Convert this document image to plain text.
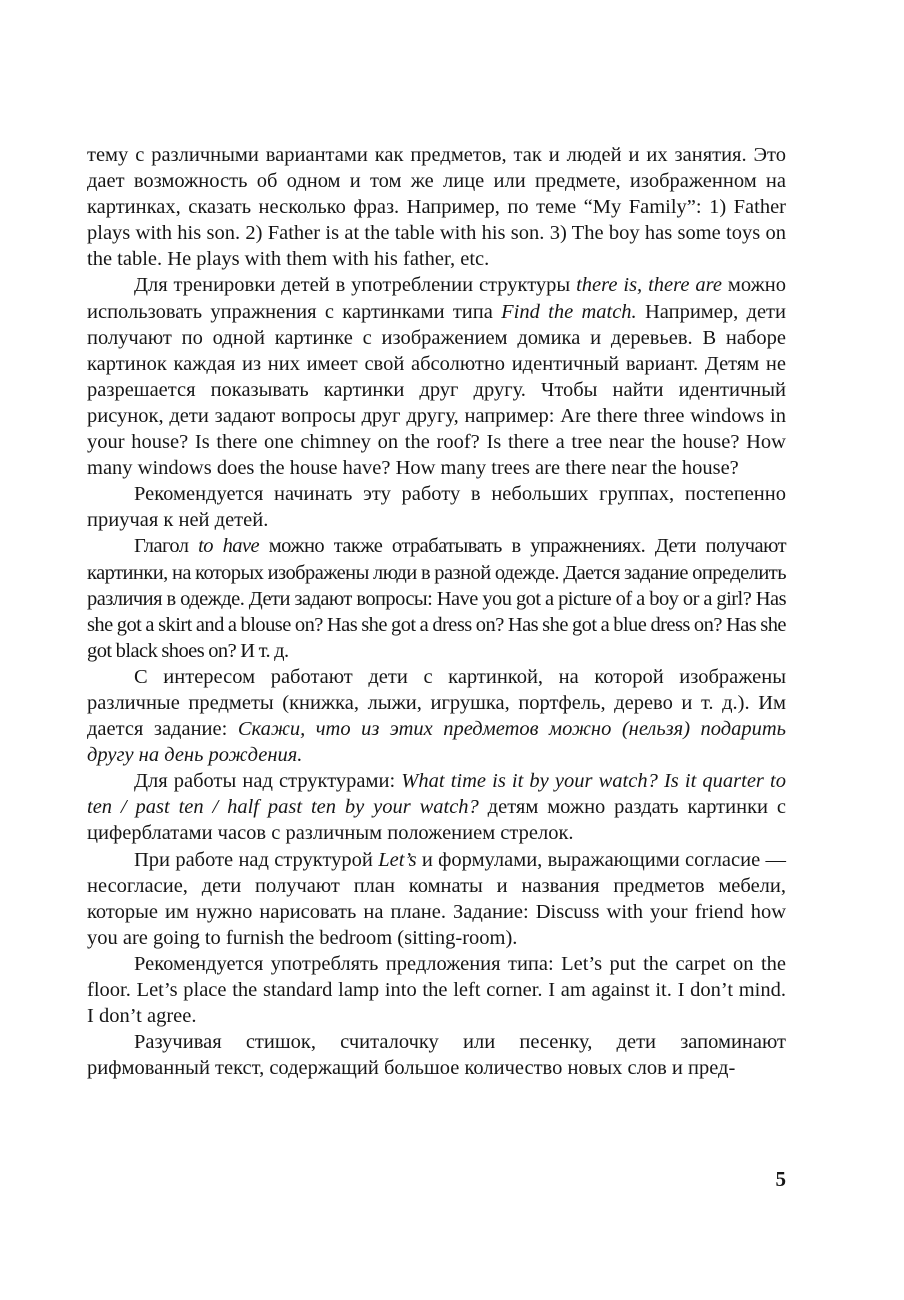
тему с различными вариантами как предметов, так и людей и их занятия. Это дает возможность об одном и том же лице или предмете, изображенном на картинках, сказать несколько фраз. Например, по теме “My Family”: 1) Father plays with his son. 2) Father is at the table with his son. 3) The boy has some toys on the table. He plays with them with his father, etc.

Для тренировки детей в употреблении структуры there is, there are можно использовать упражнения с картинками типа Find the match. Например, дети получают по одной картинке с изображением домика и деревьев. В наборе картинок каждая из них имеет свой абсолютно идентичный вариант. Детям не разрешается показывать картинки друг другу. Чтобы найти идентичный рисунок, дети задают вопросы друг другу, например: Are there three windows in your house? Is there one chimney on the roof? Is there a tree near the house? How many windows does the house have? How many trees are there near the house?

Рекомендуется начинать эту работу в небольших группах, постепенно приучая к ней детей.

Глагол to have можно также отрабатывать в упражнениях. Дети получают картинки, на которых изображены люди в разной одежде. Дается задание определить различия в одежде. Дети задают вопросы: Have you got a picture of a boy or a girl? Has she got a skirt and a blouse on? Has she got a dress on? Has she got a blue dress on? Has she got black shoes on? И т. д.

С интересом работают дети с картинкой, на которой изображены различные предметы (книжка, лыжи, игрушка, портфель, дерево и т. д.). Им дается задание: Скажи, что из этих предметов можно (нельзя) подарить другу на день рождения.

Для работы над структурами: What time is it by your watch? Is it quarter to ten / past ten / half past ten by your watch? детям можно раздать картинки с циферблатами часов с различным положением стрелок.

При работе над структурой Let’s и формулами, выражающими согласие — несогласие, дети получают план комнаты и названия предметов мебели, которые им нужно нарисовать на плане. Задание: Discuss with your friend how you are going to furnish the bedroom (sitting-room).

Рекомендуется употреблять предложения типа: Let’s put the carpet on the floor. Let’s place the standard lamp into the left corner. I am against it. I don’t mind. I don’t agree.

Разучивая стишок, считалочку или песенку, дети запоминают рифмованный текст, содержащий большое количество новых слов и пред-

5
